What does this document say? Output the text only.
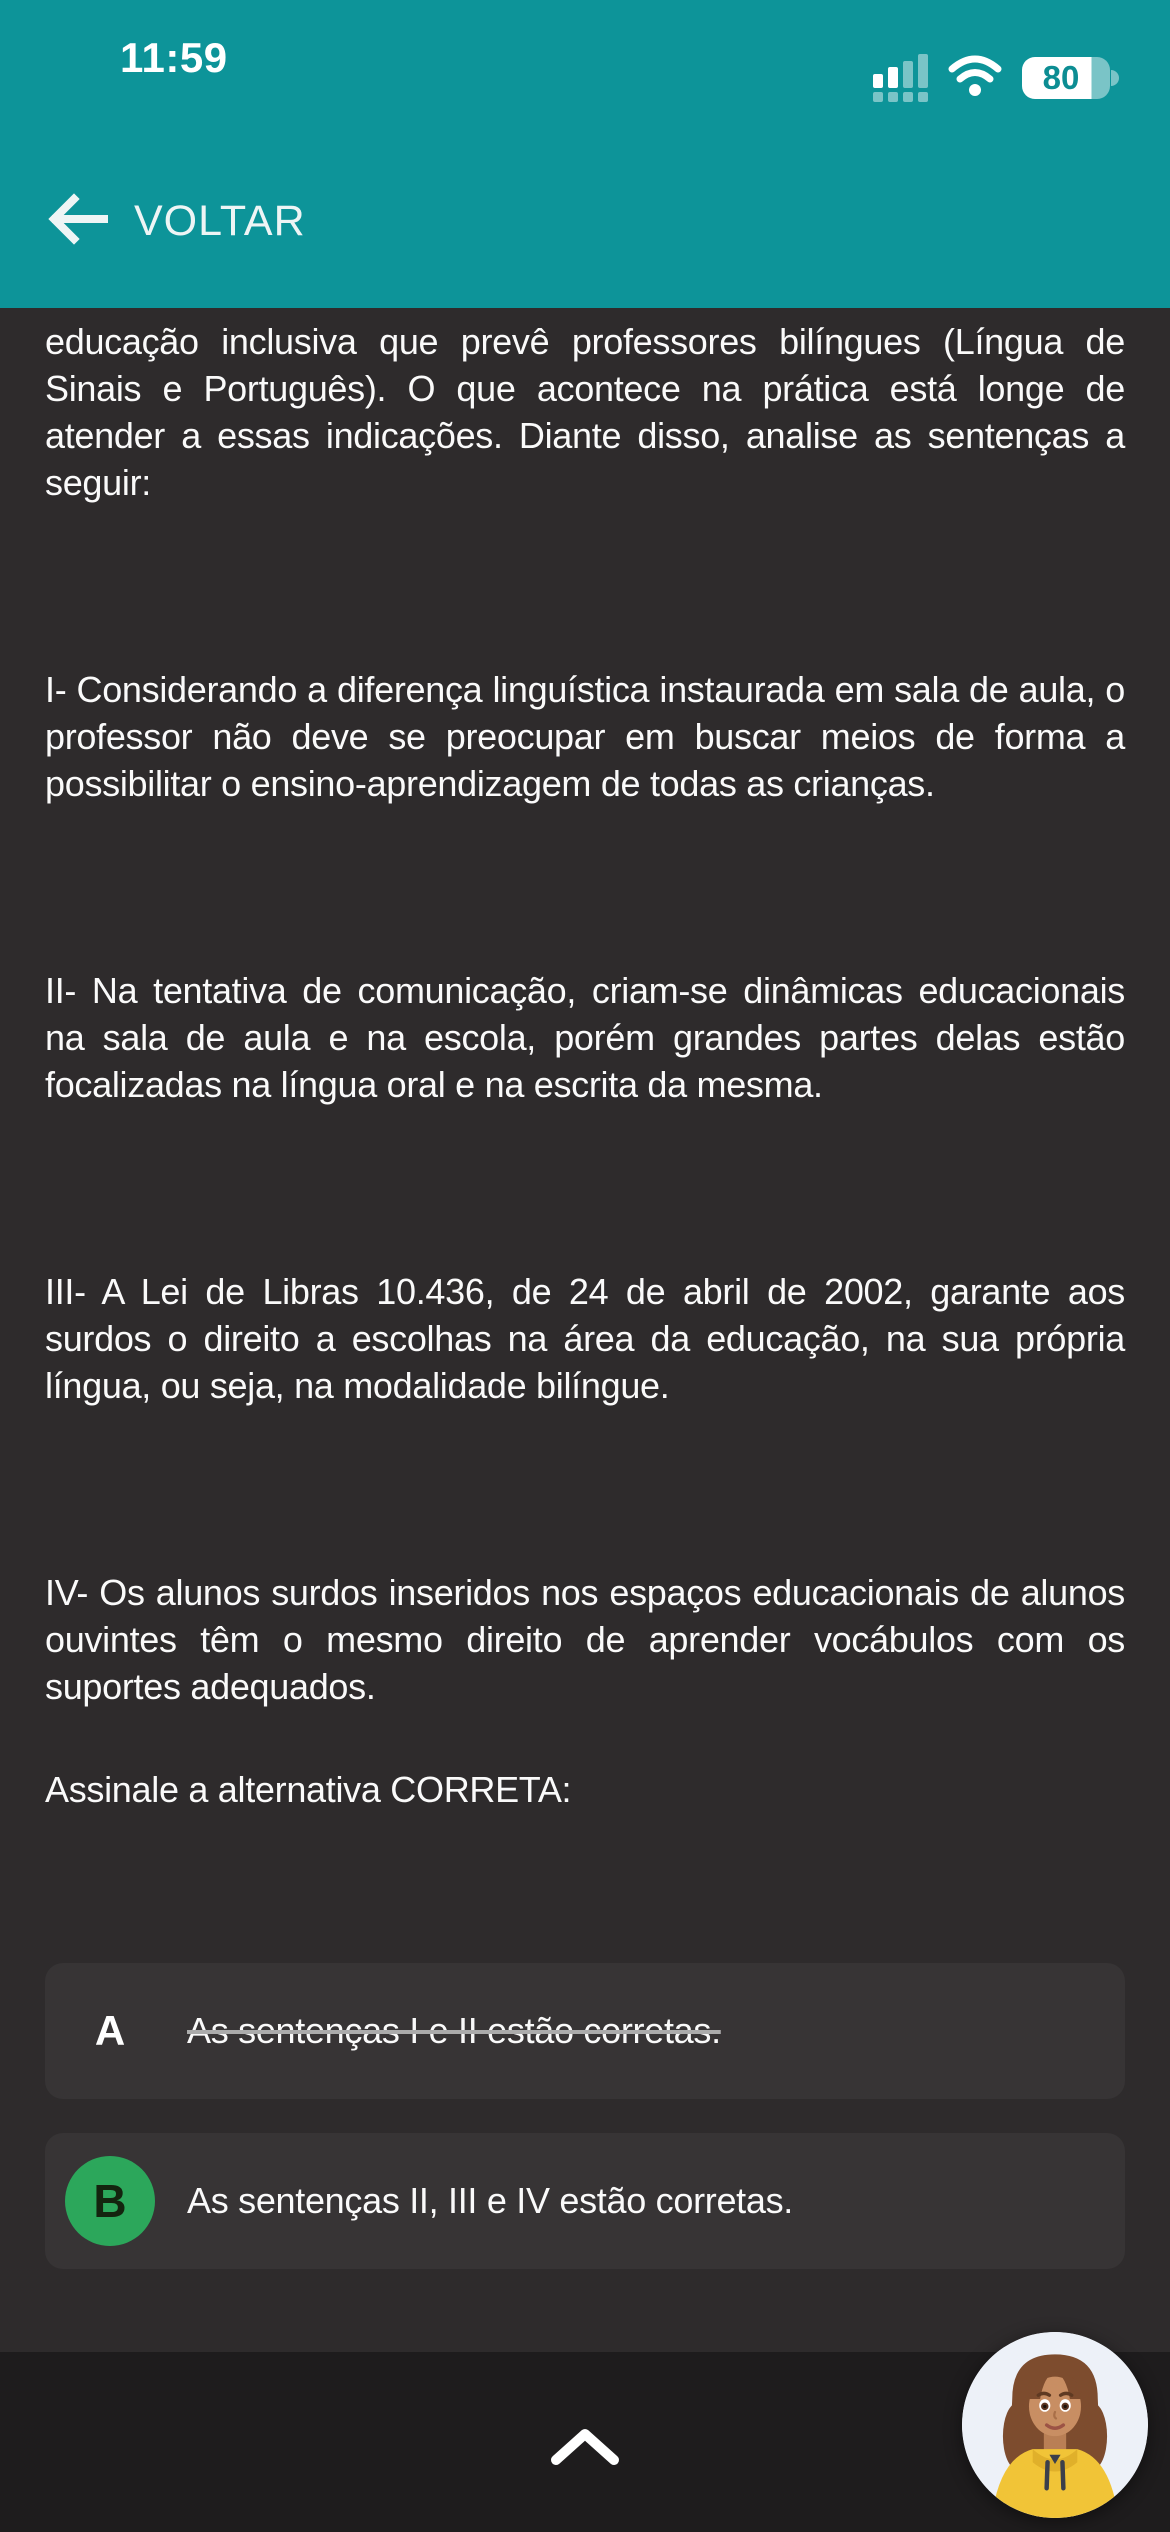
11:59	80
VOLTAR

educação inclusiva que prevê professores bilíngues (Língua de Sinais e Português). O que acontece na prática está longe de atender a essas indicações. Diante disso, analise as sentenças a seguir:

I- Considerando a diferença linguística instaurada em sala de aula, o professor não deve se preocupar em buscar meios de forma a possibilitar o ensino-aprendizagem de todas as crianças.

II- Na tentativa de comunicação, criam-se dinâmicas educacionais na sala de aula e na escola, porém grandes partes delas estão focalizadas na língua oral e na escrita da mesma.

III- A Lei de Libras 10.436, de 24 de abril de 2002, garante aos surdos o direito a escolhas na área da educação, na sua própria língua, ou seja, na modalidade bilíngue.

IV- Os alunos surdos inseridos nos espaços educacionais de alunos ouvintes têm o mesmo direito de aprender vocábulos com os suportes adequados.

Assinale a alternativa CORRETA:

A As sentenças I e II estão corretas.
B As sentenças II, III e IV estão corretas.
